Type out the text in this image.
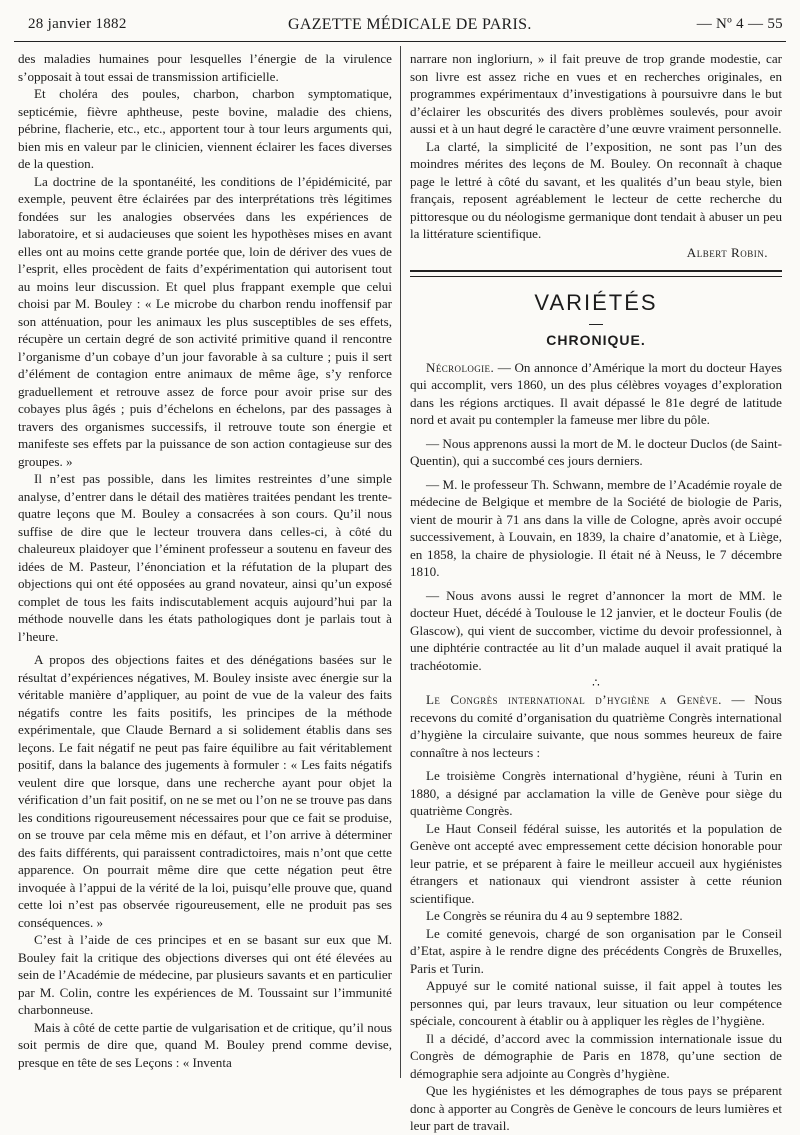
28 janvier 1882	GAZETTE MÉDICALE DE PARIS.	— Nº 4 — 55

des maladies humaines pour lesquelles l’énergie de la virulence s’opposait à tout essai de transmission artificielle.

Et choléra des poules, charbon, charbon symptomatique, septicémie, fièvre aphtheuse, peste bovine, maladie des chiens, pébrine, flacherie, etc., etc., apportent tour à tour leurs arguments qui, bien mis en valeur par le clinicien, viennent éclairer les faces diverses de la question.

La doctrine de la spontanéité, les conditions de l’épidémicité, par exemple, peuvent être éclairées par des interprétations très légitimes fondées sur les analogies observées dans les expériences de laboratoire, et si audacieuses que soient les hypothèses mises en avant elles ont au moins cette grande portée que, loin de dériver des vues de l’esprit, elles procèdent de faits d’expérimentation qui autorisent tout au moins leur discussion. Et quel plus frappant exemple que celui choisi par M. Bouley : « Le microbe du charbon rendu inoffensif par son atténuation, pour les animaux les plus susceptibles de ses effets, récupère un certain degré de son activité primitive quand il rencontre l’organisme d’un cobaye d’un jour favorable à sa culture ; puis il sert d’élément de contagion entre animaux de même âge, s’y renforce graduellement et retrouve assez de force pour avoir prise sur des cobayes plus âgés ; puis d’échelons en échelons, par des passages à travers des organismes successifs, il retrouve toute son énergie et manifeste ses effets par la puissance de son action contagieuse sur des groupes. »

Il n’est pas possible, dans les limites restreintes d’une simple analyse, d’entrer dans le détail des matières traitées pendant les trente-quatre leçons que M. Bouley a consacrées à son cours. Qu’il nous suffise de dire que le lecteur trouvera dans celles-ci, à côté du chaleureux plaidoyer que l’éminent professeur a soutenu en faveur des idées de M. Pasteur, l’énonciation et la réfutation de la plupart des objections qui ont été opposées au grand novateur, ainsi qu’un exposé complet de tous les faits indiscutablement acquis aujourd’hui par la méthode nouvelle dans les états pathologiques dont je parlais tout à l’heure.

A propos des objections faites et des dénégations basées sur le résultat d’expériences négatives, M. Bouley insiste avec énergie sur la véritable manière d’appliquer, au point de vue de la valeur des faits négatifs contre les faits positifs, les principes de la méthode expérimentale, que Claude Bernard a si solidement établis dans ses leçons. Le fait négatif ne peut pas faire équilibre au fait véritablement positif, dans la balance des jugements à formuler : « Les faits négatifs veulent dire que lorsque, dans une recherche ayant pour objet la vérification d’un fait positif, on ne se met ou l’on ne se trouve pas dans les conditions rigoureusement nécessaires pour que ce fait se produise, on se trouve par cela même mis en défaut, et l’on arrive à déterminer des faits différents, qui paraissent contradictoires, mais n’ont que cette apparence. On pourrait même dire que cette négation peut être invoquée à l’appui de la vérité de la loi, puisqu’elle prouve que, quand cette loi n’est pas observée rigoureusement, elle ne produit pas ses conséquences. »

C’est à l’aide de ces principes et en se basant sur eux que M. Bouley fait la critique des objections diverses qui ont été élevées au sein de l’Académie de médecine, par plusieurs savants et en particulier par M. Colin, contre les expériences de M. Toussaint sur l’immunité charbonneuse.

Mais à côté de cette partie de vulgarisation et de critique, qu’il nous soit permis de dire que, quand M. Bouley prend comme devise, presque en tête de ses Leçons : « Inventa

narrare non ingloriurn, » il fait preuve de trop grande modestie, car son livre est assez riche en vues et en recherches originales, en programmes expérimentaux d’investigations à poursuivre dans le but d’éclairer les obscurités des divers problèmes soulevés, pour avoir aussi et à un haut degré le caractère d’une œuvre vraiment personnelle.

La clarté, la simplicité de l’exposition, ne sont pas l’un des moindres mérites des leçons de M. Bouley. On reconnaît à chaque page le lettré à côté du savant, et les qualités d’un beau style, bien français, reposent agréablement le lecteur de cette recherche du pittoresque ou du néologisme germanique dont tendait à abuser un peu la littérature scientifique.

Albert Robin.
VARIÉTÉS
CHRONIQUE.

Nécrologie. — On annonce d’Amérique la mort du docteur Hayes qui accomplit, vers 1860, un des plus célèbres voyages d’exploration dans les régions arctiques. Il avait dépassé le 81e degré de latitude nord et avait pu contempler la fameuse mer libre du pôle.

— Nous apprenons aussi la mort de M. le docteur Duclos (de Saint-Quentin), qui a succombé ces jours derniers.

— M. le professeur Th. Schwann, membre de l’Académie royale de médecine de Belgique et membre de la Société de biologie de Paris, vient de mourir à 71 ans dans la ville de Cologne, après avoir occupé successivement, à Louvain, en 1839, la chaire d’anatomie, et à Liège, en 1858, la chaire de physiologie. Il était né à Neuss, le 7 décembre 1810.

— Nous avons aussi le regret d’annoncer la mort de MM. le docteur Huet, décédé à Toulouse le 12 janvier, et le docteur Foulis (de Glascow), qui vient de succomber, victime du devoir professionnel, à une diphtérie contractée au lit d’un malade auquel il avait pratiqué la trachéotomie.

∴

Le Congrès international d’hygiène a Genève. — Nous recevons du comité d’organisation du quatrième Congrès international d’hygiène la circulaire suivante, que nous sommes heureux de faire connaître à nos lecteurs :

Le troisième Congrès international d’hygiène, réuni à Turin en 1880, a désigné par acclamation la ville de Genève pour siège du quatrième Congrès.

Le Haut Conseil fédéral suisse, les autorités et la population de Genève ont accepté avec empressement cette décision honorable pour leur patrie, et se préparent à faire le meilleur accueil aux hygiénistes étrangers et nationaux qui viendront assister à cette réunion scientifique.

Le Congrès se réunira du 4 au 9 septembre 1882.

Le comité genevois, chargé de son organisation par le Conseil d’Etat, aspire à le rendre digne des précédents Congrès de Bruxelles, Paris et Turin.

Appuyé sur le comité national suisse, il fait appel à toutes les personnes qui, par leurs travaux, leur situation ou leur compétence spéciale, concourent à établir ou à appliquer les règles de l’hygiène.

Il a décidé, d’accord avec la commission internationale issue du Congrès de démographie de Paris en 1878, qu’une section de démographie sera adjointe au Congrès d’hygiène.

Que les hygiénistes et les démographes de tous pays se préparent donc à apporter au Congrès de Genève le concours de leurs lumières et leur part de travail.
